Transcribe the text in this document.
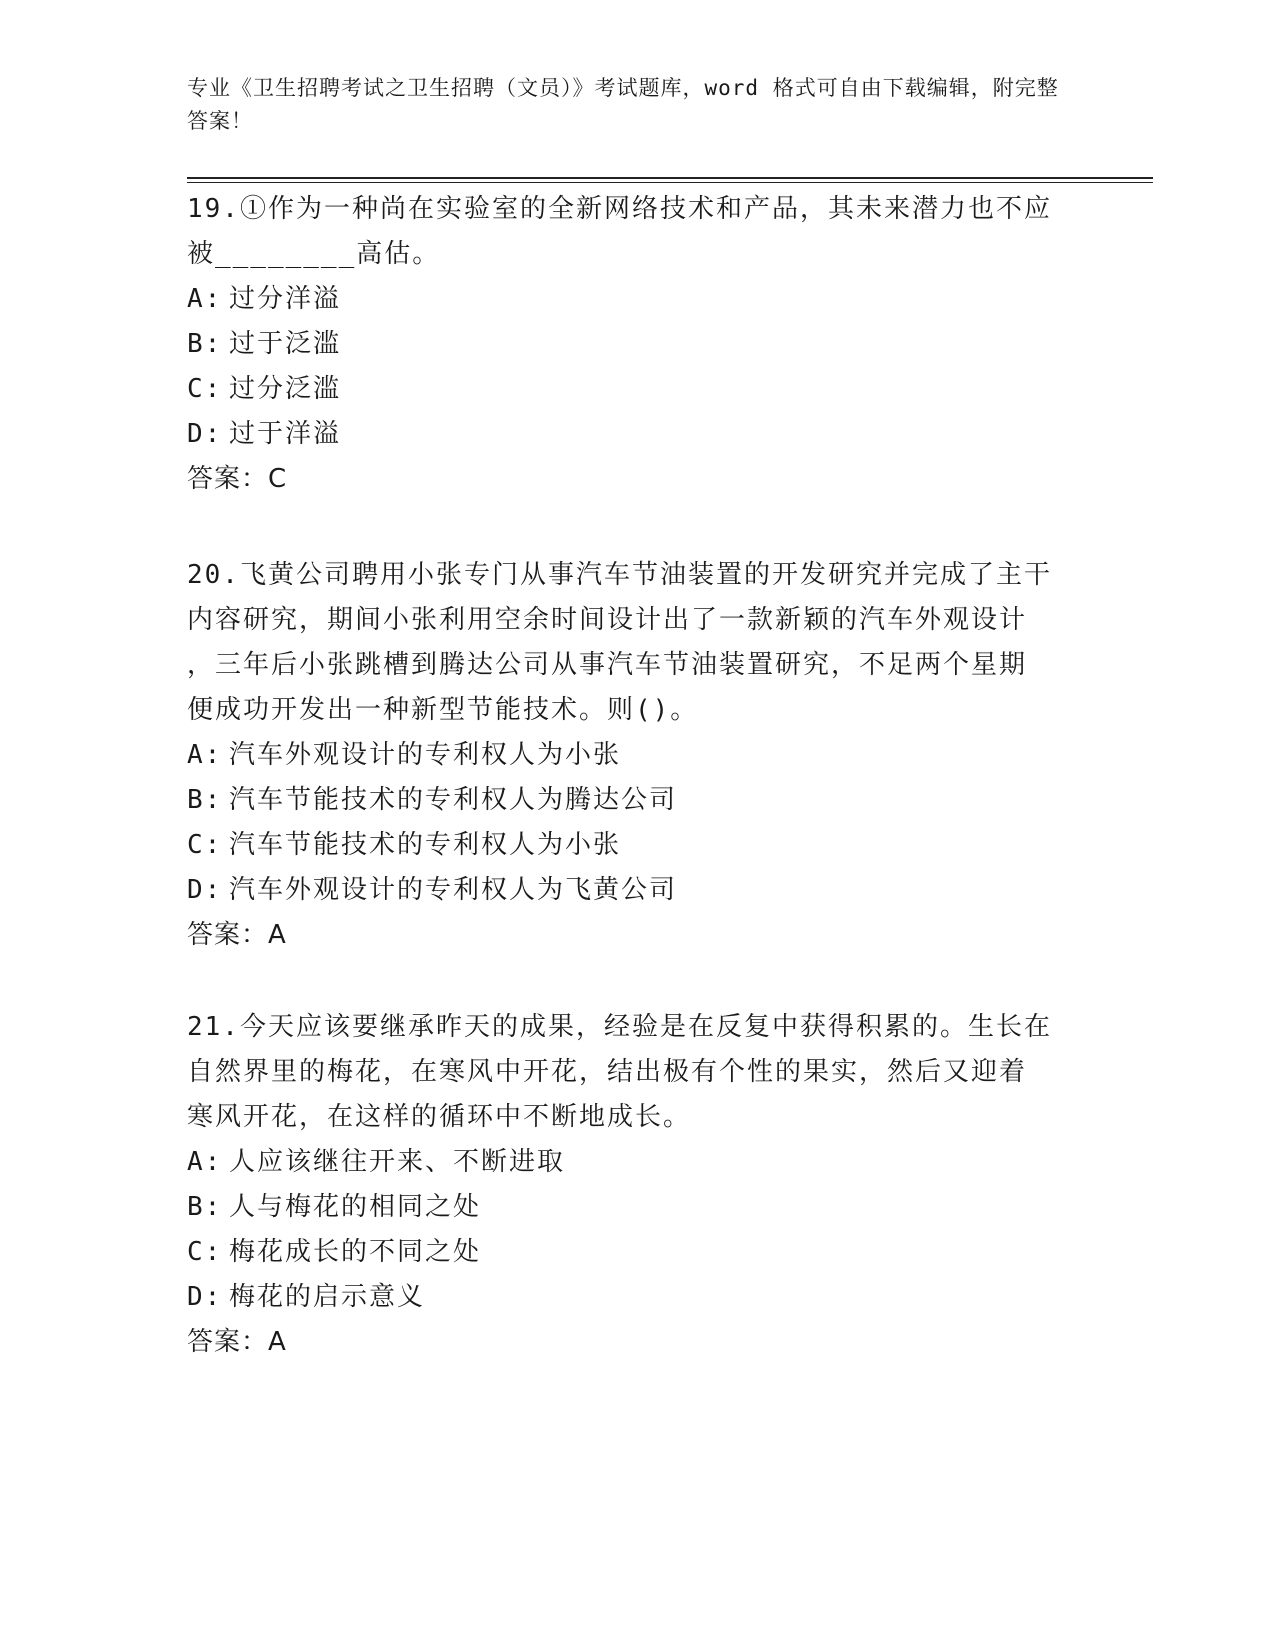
专业《卫生招聘考试之卫生招聘（文员）》考试题库，word 格式可自由下载编辑，附完整答案！

19.①作为一种尚在实验室的全新网络技术和产品，其未来潜力也不应

被________高估。

A: 过分洋溢

B: 过于泛滥

C: 过分泛滥

D: 过于洋溢

答案：C

20.飞黄公司聘用小张专门从事汽车节油装置的开发研究并完成了主干

内容研究，期间小张利用空余时间设计出了一款新颖的汽车外观设计

，三年后小张跳槽到腾达公司从事汽车节油装置研究，不足两个星期

便成功开发出一种新型节能技术。则()。

A: 汽车外观设计的专利权人为小张

B: 汽车节能技术的专利权人为腾达公司

C: 汽车节能技术的专利权人为小张

D: 汽车外观设计的专利权人为飞黄公司

答案：A

21.今天应该要继承昨天的成果，经验是在反复中获得积累的。生长在

自然界里的梅花，在寒风中开花，结出极有个性的果实，然后又迎着

寒风开花，在这样的循环中不断地成长。

A: 人应该继往开来、不断进取

B: 人与梅花的相同之处

C: 梅花成长的不同之处

D: 梅花的启示意义

答案：A
